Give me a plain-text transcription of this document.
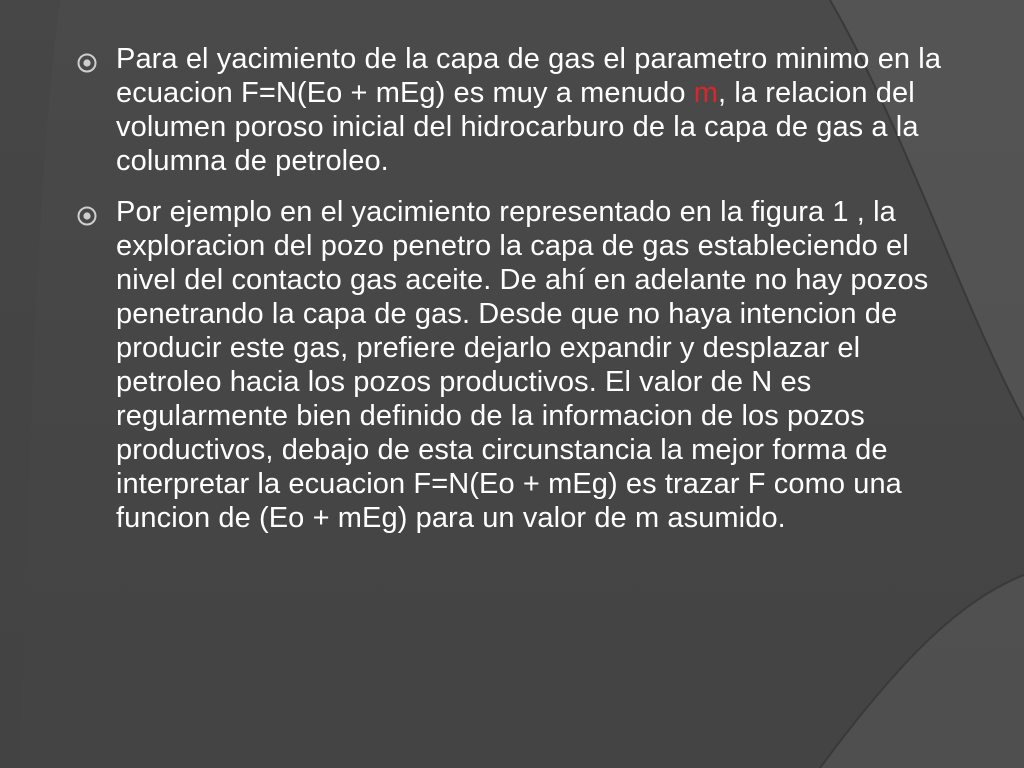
Para el yacimiento de la capa de gas el parametro minimo en la ecuacion F=N(Eo + mEg) es muy a menudo m, la relacion del volumen poroso inicial del hidrocarburo de la capa de gas a la columna de petroleo.
Por ejemplo en el yacimiento representado en la figura 1 , la exploracion del pozo penetro la capa de gas estableciendo el nivel del contacto gas aceite. De ahí en adelante no hay pozos penetrando la capa de gas. Desde que no haya intencion de producir este gas, prefiere dejarlo expandir y desplazar el petroleo hacia los pozos productivos. El valor de N es regularmente bien definido de la informacion de los pozos productivos, debajo de esta circunstancia la mejor forma de interpretar la ecuacion F=N(Eo + mEg) es trazar F como una funcion de (Eo + mEg) para un valor de m asumido.
